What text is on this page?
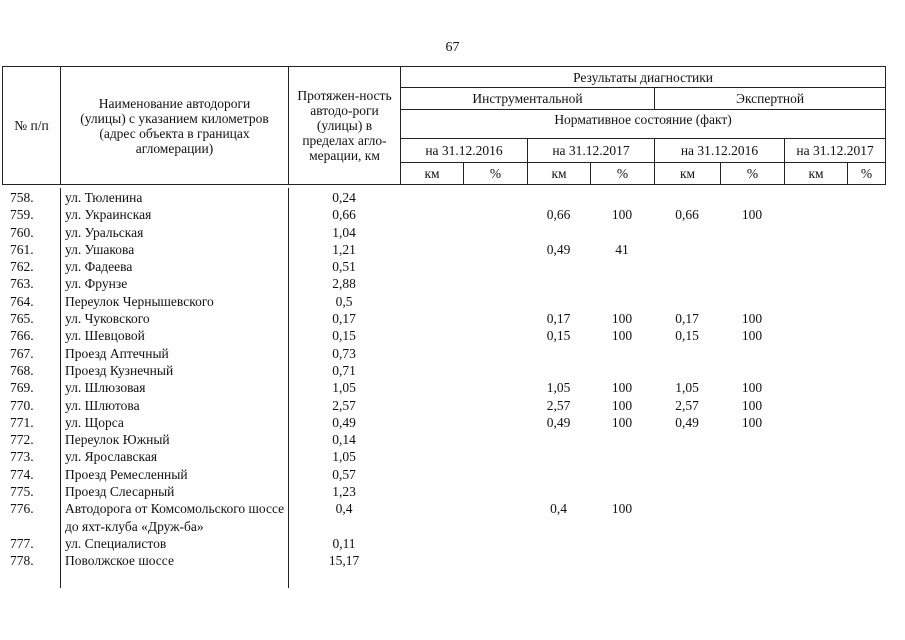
67
№ п/п	Наименование автодороги (улицы) с указанием километров (адрес объекта в границах агломерации)	Протяжен-ность автодо-роги (улицы) в пределах агло-мерации, км	Результаты диагностики							
			Инструментальной				Экспертной			
			Нормативное состояние (факт)							
			на 31.12.2016		на 31.12.2017		на 31.12.2016		на 31.12.2017	
			км	%	км	%	км	%	км	%
758.	ул. Тюленина	0,24								
759.	ул. Украинская	0,66			0,66	100	0,66	100		
760.	ул. Уральская	1,04								
761.	ул. Ушакова	1,21			0,49	41				
762.	ул. Фадеева	0,51								
763.	ул. Фрунзе	2,88								
764.	Переулок Чернышевского	0,5								
765.	ул. Чуковского	0,17			0,17	100	0,17	100		
766.	ул. Шевцовой	0,15			0,15	100	0,15	100		
767.	Проезд Аптечный	0,73								
768.	Проезд Кузнечный	0,71								
769.	ул. Шлюзовая	1,05			1,05	100	1,05	100		
770.	ул. Шлютова	2,57			2,57	100	2,57	100		
771.	ул. Щорса	0,49			0,49	100	0,49	100		
772.	Переулок Южный	0,14								
773.	ул. Ярославская	1,05								
774.	Проезд Ремесленный	0,57								
775.	Проезд Слесарный	1,23								
776.	Автодорога от Комсомольского шоссе до яхт-клуба «Друж-ба»	0,4			0,4	100				
777.	ул. Специалистов	0,11								
778.	Поволжское шоссе	15,17								
